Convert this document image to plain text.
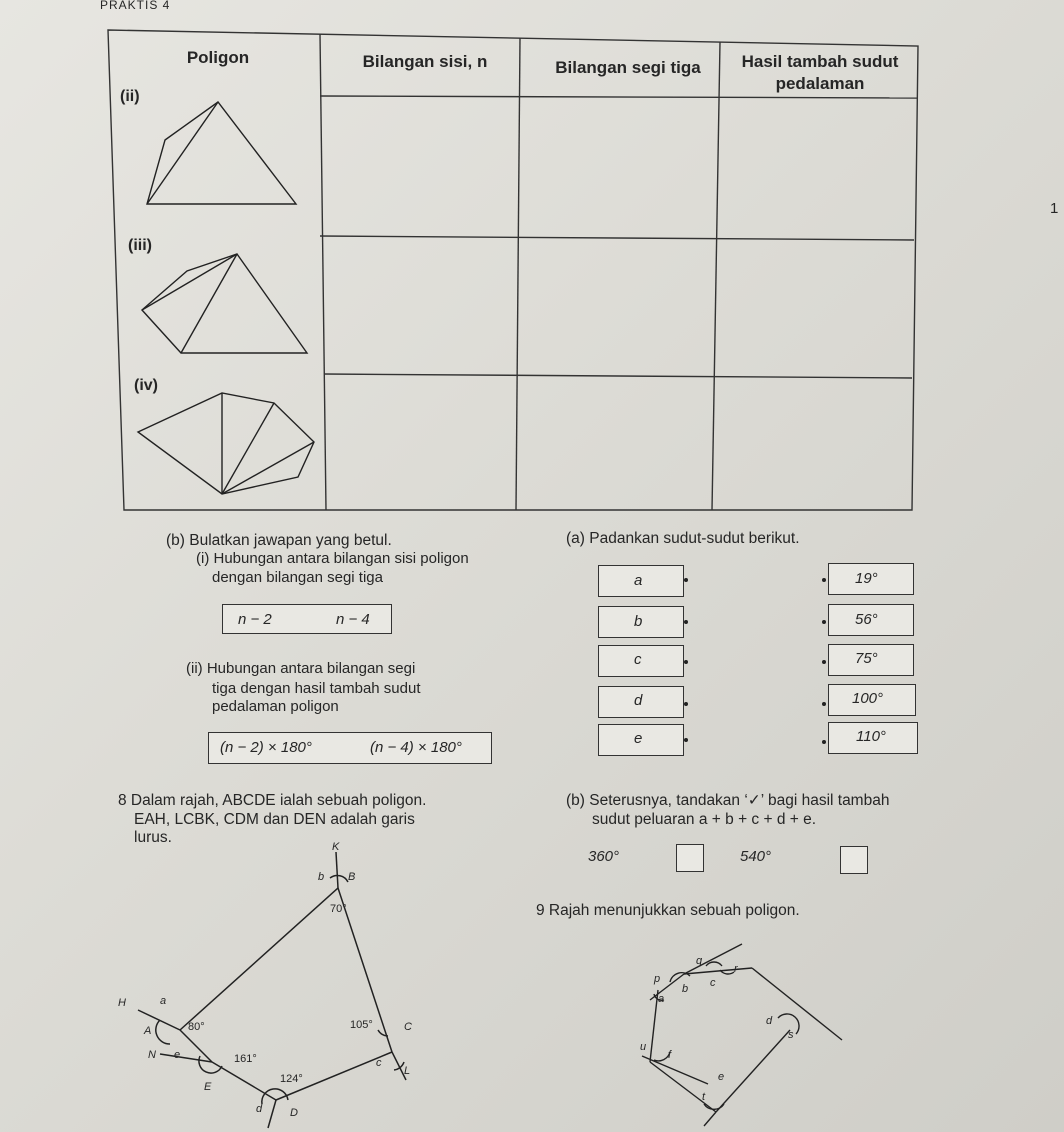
PRAKTIS 4
1
Poligon	Bilangan sisi, n	Bilangan segi tiga	Hasil tambah sudut
pedalaman
(ii)
(iii)
(iv)
(b) Bulatkan jawapan yang betul.
(i) Hubungan antara bilangan sisi poligon
dengan bilangan segi tiga
n − 2	n − 4
(ii) Hubungan antara bilangan segi
tiga dengan hasil tambah sudut
pedalaman poligon
(n − 2) × 180°	(n − 4) × 180°
(a) Padankan sudut-sudut berikut.
a
b
c
d
e
19°
56°
75°
100°
110°
8 Dalam rajah, ABCDE ialah sebuah poligon.
EAH, LCBK, CDM dan DEN adalah garis
lurus.
K
b B
70°
H	a
A	80°	105°	C
N e	161°	c
L
124°
E
d	D
(b) Seterusnya, tandakan ‘✓’ bagi hasil tambah
sudut peluaran a + b + c + d + e.
360°	540°
9 Rajah menunjukkan sebuah poligon.
q
p
r
b c
a
d
s
u
f
e
t
